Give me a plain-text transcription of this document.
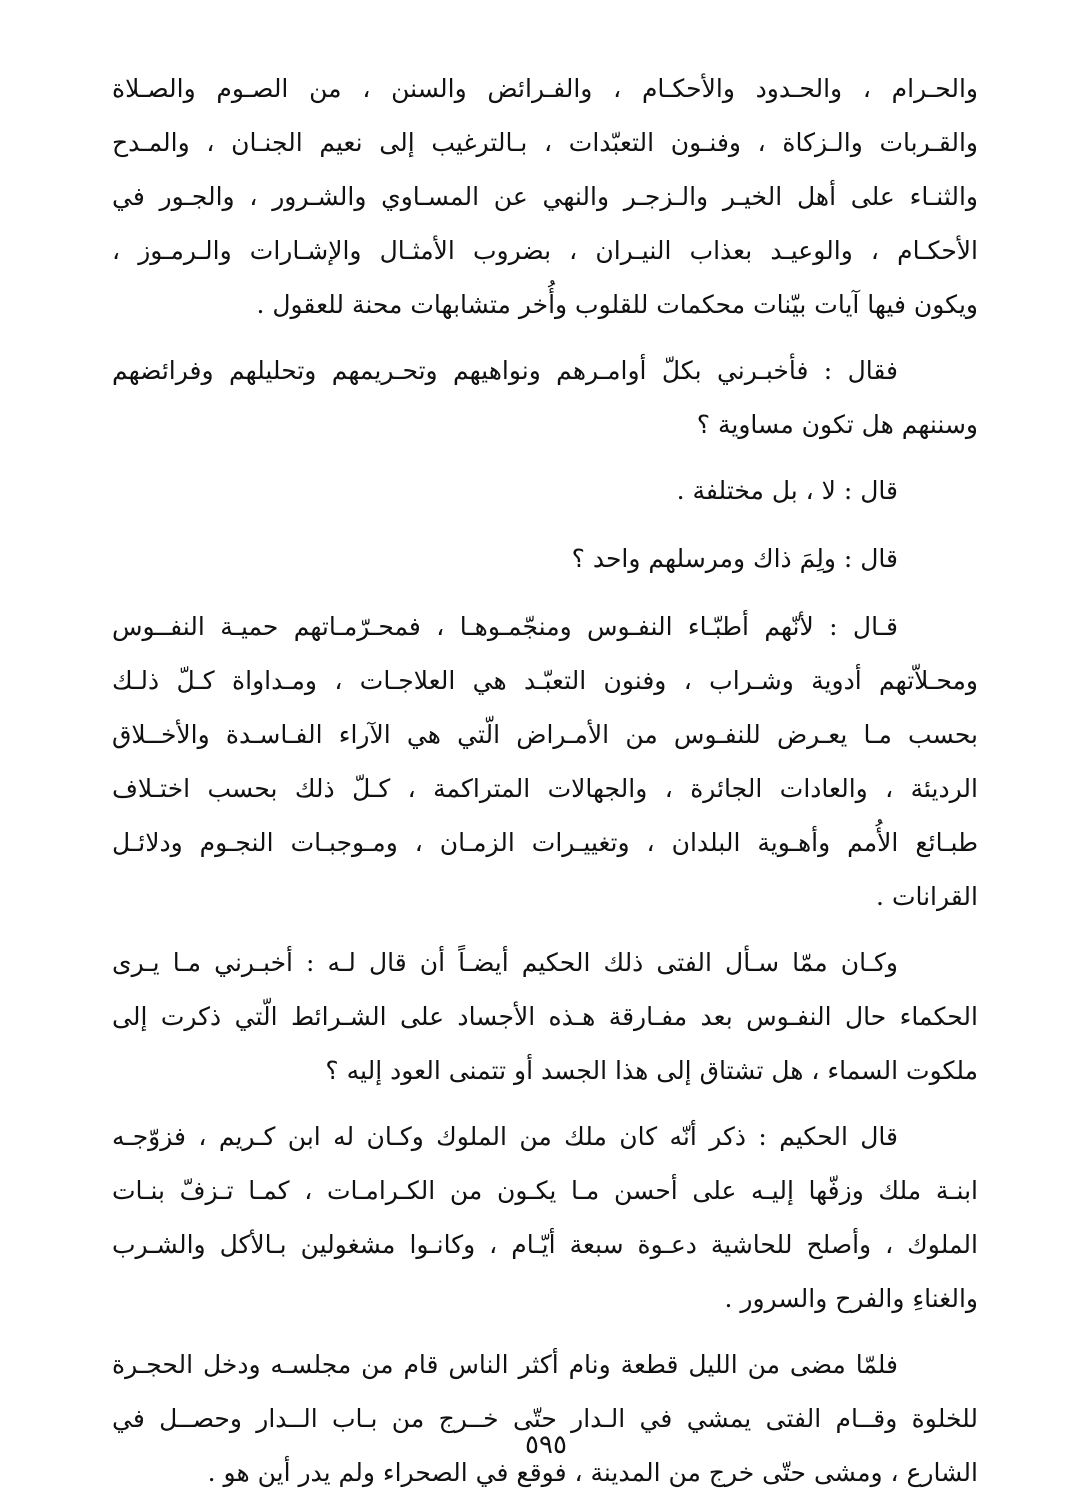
والحـرام ، والحـدود والأحكـام ، والفـرائض والسنن ، من الصـوم والصـلاة
والقـربات والـزكاة ، وفنـون التعبّدات ، بـالترغيب إلى نعيم الجنـان ، والمـدح
والثنـاء على أهل الخيـر والـزجـر والنهي عن المسـاوي والشـرور ، والجـور في
الأحكـام ، والوعيـد بعذاب النيـران ، بضروب الأمثـال والإشـارات والـرمـوز ،
ويكون فيها آيات بيّنات محكمات للقلوب وأُخر متشابهات محنة للعقول .
فقال : فأخبـرني بكلّ أوامـرهم ونواهيهم وتحـريمهم وتحليلهم وفرائضهم
وسننهم هل تكون مساوية ؟
قال : لا ، بل مختلفة .
قال : ولِمَ ذاك ومرسلهم واحد ؟
قـال : لأنّهم أطبّـاء النفـوس ومنجّمـوهـا ، فمحـرّمـاتهم حميـة النفــوس
ومحـلاّتهم أدوية وشـراب ، وفنون التعبّـد هي العلاجـات ، ومـداواة كـلّ ذلـك
بحسب مـا يعـرض للنفـوس من الأمـراض الّتي هي الآراء الفـاسـدة والأخــلاق
الرديئة ، والعادات الجائرة ، والجهالات المتراكمة ، كـلّ ذلك بحسب اختـلاف
طبـائع الأُمم وأهـوية البلدان ، وتغييـرات الزمـان ، ومـوجبـات النجـوم ودلائـل
القرانات .
وكـان ممّا سـأل الفتى ذلك الحكيم أيضـاً أن قال لـه : أخبـرني مـا يـرى
الحكماء حال النفـوس بعد مفـارقة هـذه الأجساد على الشـرائط الّتي ذكرت إلى
ملكوت السماء ، هل تشتاق إلى هذا الجسد أو تتمنى العود إليه ؟
قال الحكيم : ذكر أنّه كان ملك من الملوك وكـان له ابن كـريم ، فزوّجـه
ابنـة ملك وزفّها إليـه على أحسن مـا يكـون من الكـرامـات ، كمـا تـزفّ بنـات
الملوك ، وأصلح للحاشية دعـوة سبعة أيّـام ، وكانـوا مشغولين بـالأكل والشـرب
والغناءِ والفرح والسرور .
فلمّا مضى من الليل قطعة ونام أكثر الناس قام من مجلسـه ودخل الحجـرة
للخلوة وقــام الفتى يمشي في الـدار حتّى خــرج من بـاب الــدار وحصــل في
الشارع ، ومشى حتّى خرج من المدينة ، فوقع في الصحراء ولم يدر أين هو .
٥٩٥
